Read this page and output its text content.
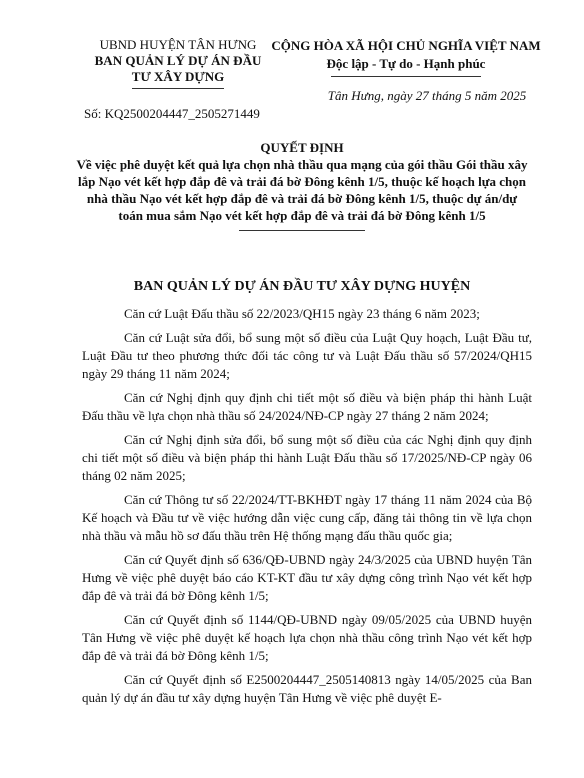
UBND HUYỆN TÂN HƯNG
BAN QUẢN LÝ DỰ ÁN ĐẦU
TƯ XÂY DỰNG
CỘNG HÒA XÃ HỘI CHỦ NGHĨA VIỆT NAM
Độc lập - Tự do - Hạnh phúc
Tân Hưng, ngày 27 tháng 5 năm 2025
Số: KQ2500204447_2505271449
QUYẾT ĐỊNH
Về việc phê duyệt kết quả lựa chọn nhà thầu qua mạng của gói thầu Gói thầu xây lắp Nạo vét kết hợp đắp đê và trải đá bờ Đông kênh 1/5, thuộc kế hoạch lựa chọn nhà thầu Nạo vét kết hợp đắp đê và trải đá bờ Đông kênh 1/5, thuộc dự án/dự toán mua sắm Nạo vét kết hợp đắp đê và trải đá bờ Đông kênh 1/5
BAN QUẢN LÝ DỰ ÁN ĐẦU TƯ XÂY DỰNG HUYỆN

Căn cứ Luật Đấu thầu số 22/2023/QH15 ngày 23 tháng 6 năm 2023;

Căn cứ Luật sửa đổi, bổ sung một số điều của Luật Quy hoạch, Luật Đầu tư, Luật Đầu tư theo phương thức đối tác công tư và Luật Đấu thầu số 57/2024/QH15 ngày 29 tháng 11 năm 2024;

Căn cứ Nghị định quy định chi tiết một số điều và biện pháp thi hành Luật Đấu thầu về lựa chọn nhà thầu số 24/2024/NĐ-CP ngày 27 tháng 2 năm 2024;

Căn cứ Nghị định sửa đổi, bổ sung một số điều của các Nghị định quy định chi tiết một số điều và biện pháp thi hành Luật Đấu thầu số 17/2025/NĐ-CP ngày 06 tháng 02 năm 2025;

Căn cứ Thông tư số 22/2024/TT-BKHĐT ngày 17 tháng 11 năm 2024 của Bộ Kế hoạch và Đầu tư về việc hướng dẫn việc cung cấp, đăng tải thông tin về lựa chọn nhà thầu và mẫu hồ sơ đấu thầu trên Hệ thống mạng đấu thầu quốc gia;

Căn cứ Quyết định số 636/QĐ-UBND ngày 24/3/2025 của UBND huyện Tân Hưng về việc phê duyệt báo cáo KT-KT đầu tư xây dựng công trình Nạo vét kết hợp đắp đê và trải đá bờ Đông kênh 1/5;

Căn cứ Quyết định số 1144/QĐ-UBND ngày 09/05/2025 của UBND huyện Tân Hưng về việc phê duyệt kế hoạch lựa chọn nhà thầu công trình Nạo vét kết hợp đắp đê và trải đá bờ Đông kênh 1/5;

Căn cứ Quyết định số E2500204447_2505140813 ngày 14/05/2025 của Ban quản lý dự án đầu tư xây dựng huyện Tân Hưng về việc phê duyệt E-
